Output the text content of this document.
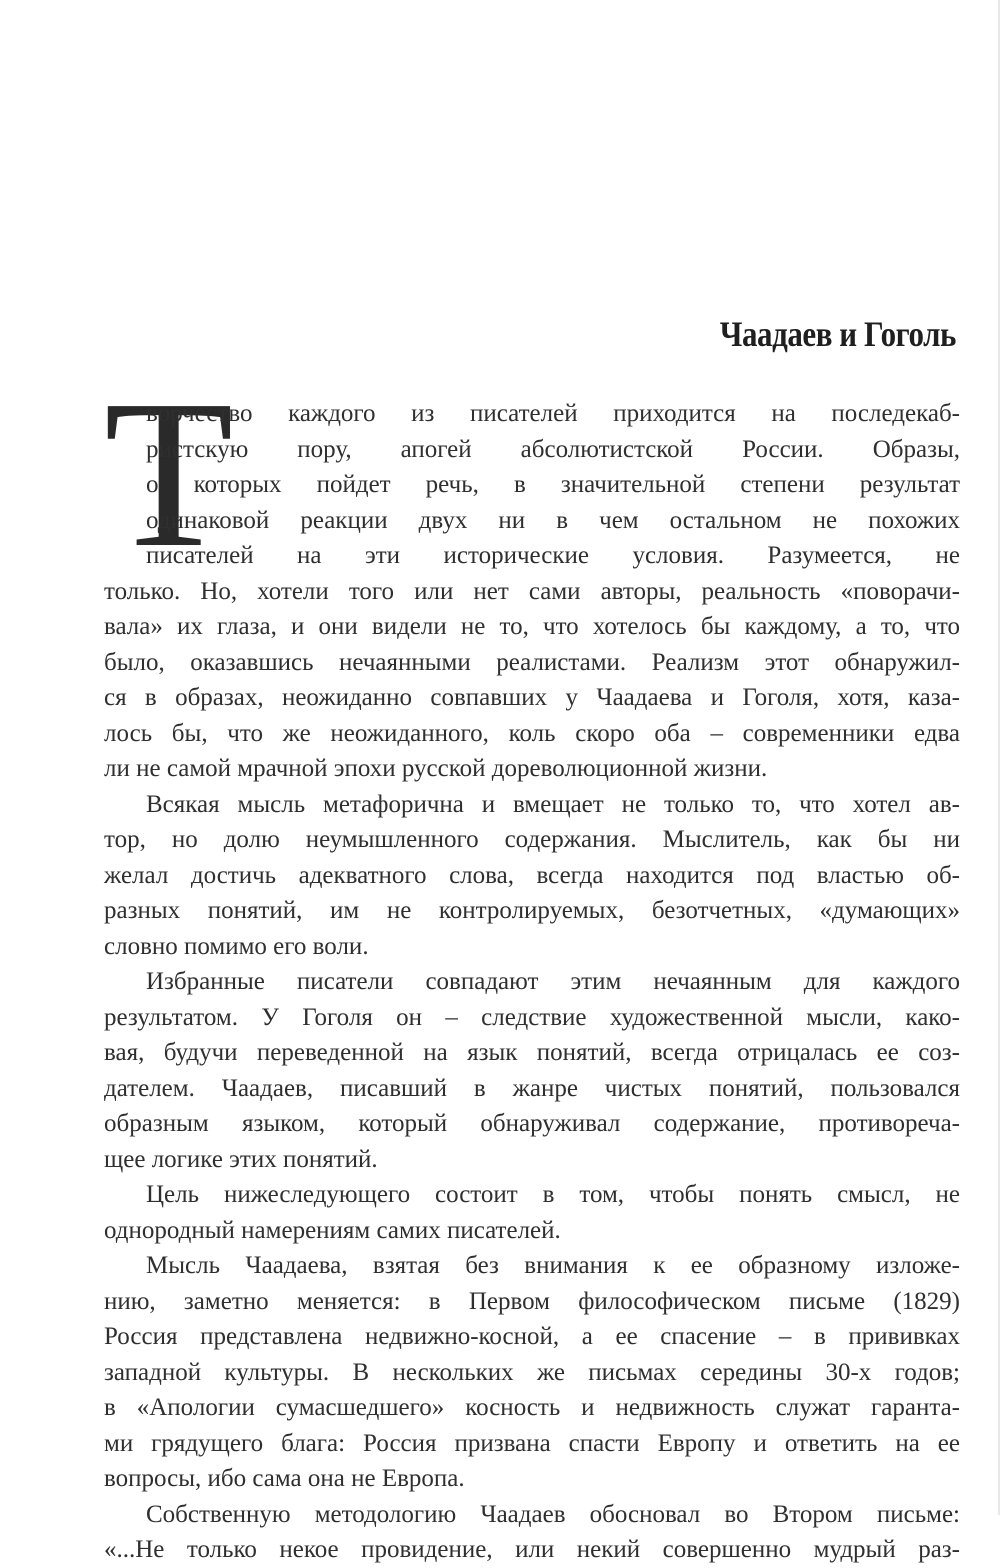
Чаадаев и Гоголь
Т
ворчество каждого из писателей приходится на последекаб-
ристскую пору, апогей абсолютистской России. Образы,
о которых пойдет речь, в значительной степени результат
одинаковой реакции двух ни в чем остальном не похожих
писателей на эти исторические условия. Разумеется, не
только. Но, хотели того или нет сами авторы, реальность «поворачи-
вала» их глаза, и они видели не то, что хотелось бы каждому, а то, что
было, оказавшись нечаянными реалистами. Реализм этот обнаружил-
ся в образах, неожиданно совпавших у Чаадаева и Гоголя, хотя, каза-
лось бы, что же неожиданного, коль скоро оба – современники едва
ли не самой мрачной эпохи русской дореволюционной жизни.
Всякая мысль метафорична и вмещает не только то, что хотел ав-
тор, но долю неумышленного содержания. Мыслитель, как бы ни
желал достичь адекватного слова, всегда находится под властью об-
разных понятий, им не контролируемых, безотчетных, «думающих»
словно помимо его воли.
Избранные писатели совпадают этим нечаянным для каждого
результатом. У Гоголя он – следствие художественной мысли, како-
вая, будучи переведенной на язык понятий, всегда отрицалась ее соз-
дателем. Чаадаев, писавший в жанре чистых понятий, пользовался
образным языком, который обнаруживал содержание, противореча-
щее логике этих понятий.
Цель нижеследующего состоит в том, чтобы понять смысл, не
однородный намерениям самих писателей.
Мысль Чаадаева, взятая без внимания к ее образному изложе-
нию, заметно меняется: в Первом философическом письме (1829)
Россия представлена недвижно-косной, а ее спасение – в прививках
западной культуры. В нескольких же письмах середины 30-х годов;
в «Апологии сумасшедшего» косность и недвижность служат гаранта-
ми грядущего блага: Россия призвана спасти Европу и ответить на ее
вопросы, ибо сама она не Европа.
Собственную методологию Чаадаев обосновал во Втором письме:
«...Не только некое провидение, или некий совершенно мудрый раз-
